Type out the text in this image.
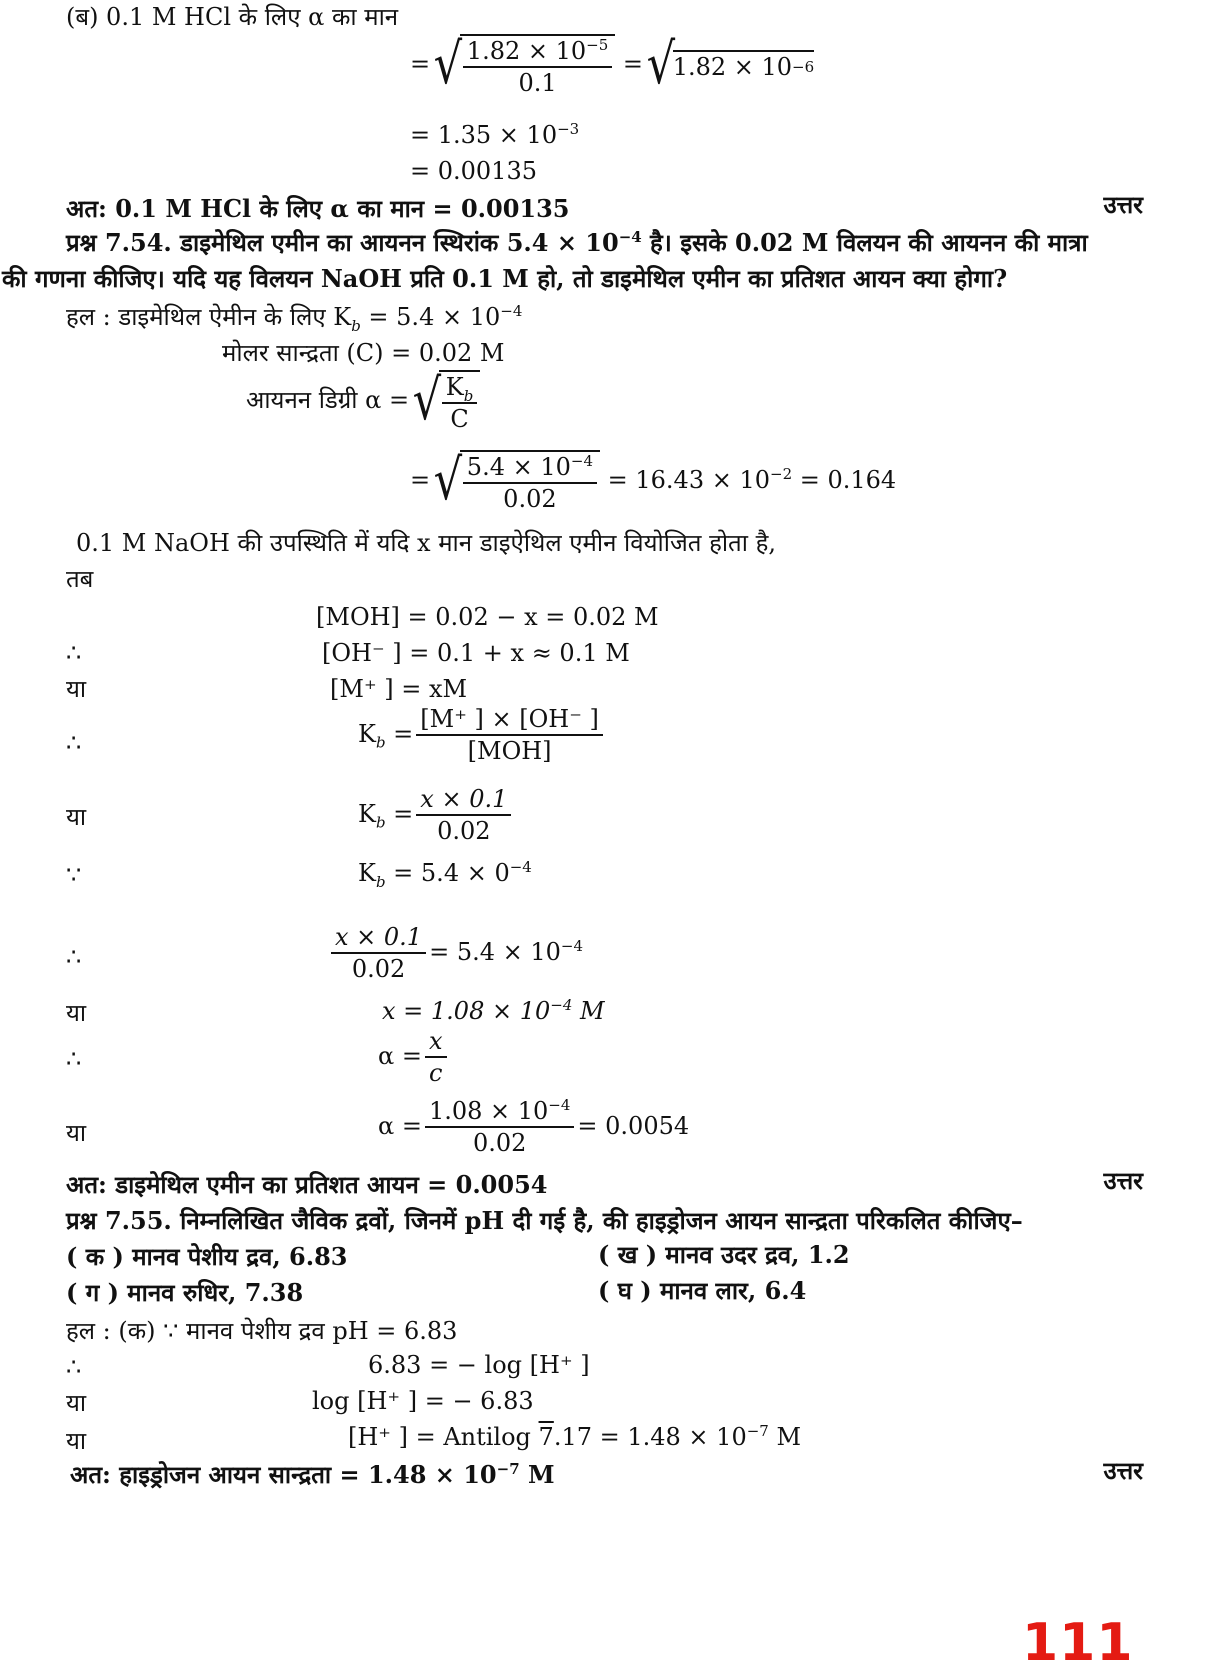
(ब) 0.1 M HCl के लिए α का मान
= √ $\frac{1.82 \times 10^{-5}}{0.1}$ = √
1.82 × 10 −6
= $1.35 \times 10^{-3}$
= 0.00135
अत: 0.1 M HCl के लिए α का मान = 0.00135	उत्तर
प्रश्न 7.54. डाइमेथिल एमीन का आयनन स्थिरांक $5.4 \times 10^{-4}$ है। इसके 0.02 M विलयन की आयनन की मात्रा
की गणना कीजिए। यदि यह विलयन NaOH प्रति 0.1 M हो, तो डाइमेथिल एमीन का प्रतिशत आयन क्या होगा?
हल : डाइमेथिल ऐमीन के लिए $K_b = 5.4 \times 10^{-4}$
मोलर सान्द्रता (C) = 0.02 M
आयनन डिग्री α = √ $\frac{K_b}{C}$
= √ $\frac{5.4 \times 10^{-4}}{0.02} = 16.43 \times 10^{-2} = 0.164$
0.1 M NaOH की उपस्थिति में यदि x मान डाइऐथिल एमीन वियोजित होता है,
तब
[MOH] = 0.02 − x = 0.02 M
∴	[OH⁻ ] = 0.1 + x ≈ 0.1 M
या	[M⁺ ] = xM
∴	$K_b = \frac{[M^+ ] \times [OH^- ]}{\text{[MOH]}}$
या	$K_b = \frac{x \times 0.1}{0.02}$
∵	$K_b = 5.4 \times 0^{-4}$
∴	$\frac{x \times 0.1}{0.02} = 5.4 \times 10^{-4}$
या	$x = 1.08 \times 10^{-4}$ M
∴	$\alpha = \frac{x}{c}$
या	$\alpha = \frac{1.08 \times 10^{-4}}{0.02} = 0.0054$
अत: डाइमेथिल एमीन का प्रतिशत आयन = 0.0054	उत्तर
प्रश्न 7.55. निम्नलिखित जैविक द्रवों, जिनमें pH दी गई है, की हाइड्रोजन आयन सान्द्रता परिकलित कीजिए–
( क ) मानव पेशीय द्रव, 6.83	( ख ) मानव उदर द्रव, 1.2
( ग ) मानव रुधिर, 7.38	( घ ) मानव लार, 6.4
हल : (क) ∵ मानव पेशीय द्रव pH = 6.83
∴	6.83 = − log [H⁺ ]
या	log [H⁺ ] = − 6.83
या	[H⁺ ] = Antilog $7.17 = 1.48 \times 10^{-7}$ M
अत: हाइड्रोजन आयन सान्द्रता = $1.48 \times 10^{-7}$ M	उत्तर
111
